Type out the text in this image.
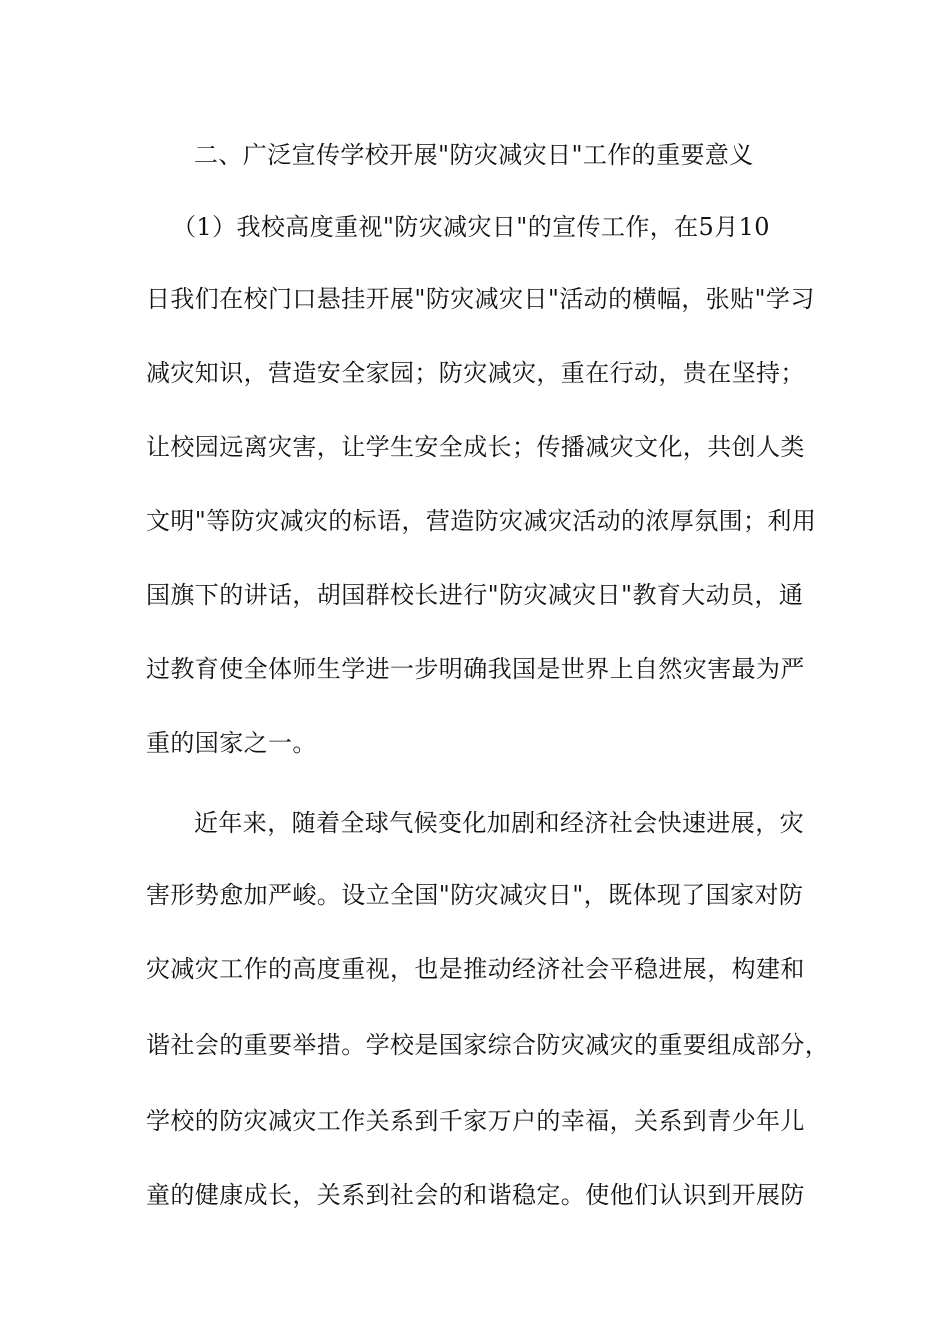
二、广泛宣传学校开展"防灾减灾日"工作的重要意义
（1）我校高度重视"防灾减灾日"的宣传工作，在5月10
日我们在校门口悬挂开展"防灾减灾日"活动的横幅，张贴"学习
减灾知识，营造安全家园；防灾减灾，重在行动，贵在坚持；
让校园远离灾害，让学生安全成长；传播减灾文化，共创人类
文明"等防灾减灾的标语，营造防灾减灾活动的浓厚氛围；利用
国旗下的讲话，胡国群校长进行"防灾减灾日"教育大动员，通
过教育使全体师生学进一步明确我国是世界上自然灾害最为严
重的国家之一。
近年来，随着全球气候变化加剧和经济社会快速进展，灾
害形势愈加严峻。设立全国"防灾减灾日"，既体现了国家对防
灾减灾工作的高度重视，也是推动经济社会平稳进展，构建和
谐社会的重要举措。学校是国家综合防灾减灾的重要组成部分，
学校的防灾减灾工作关系到千家万户的幸福，关系到青少年儿
童的健康成长，关系到社会的和谐稳定。使他们认识到开展防
